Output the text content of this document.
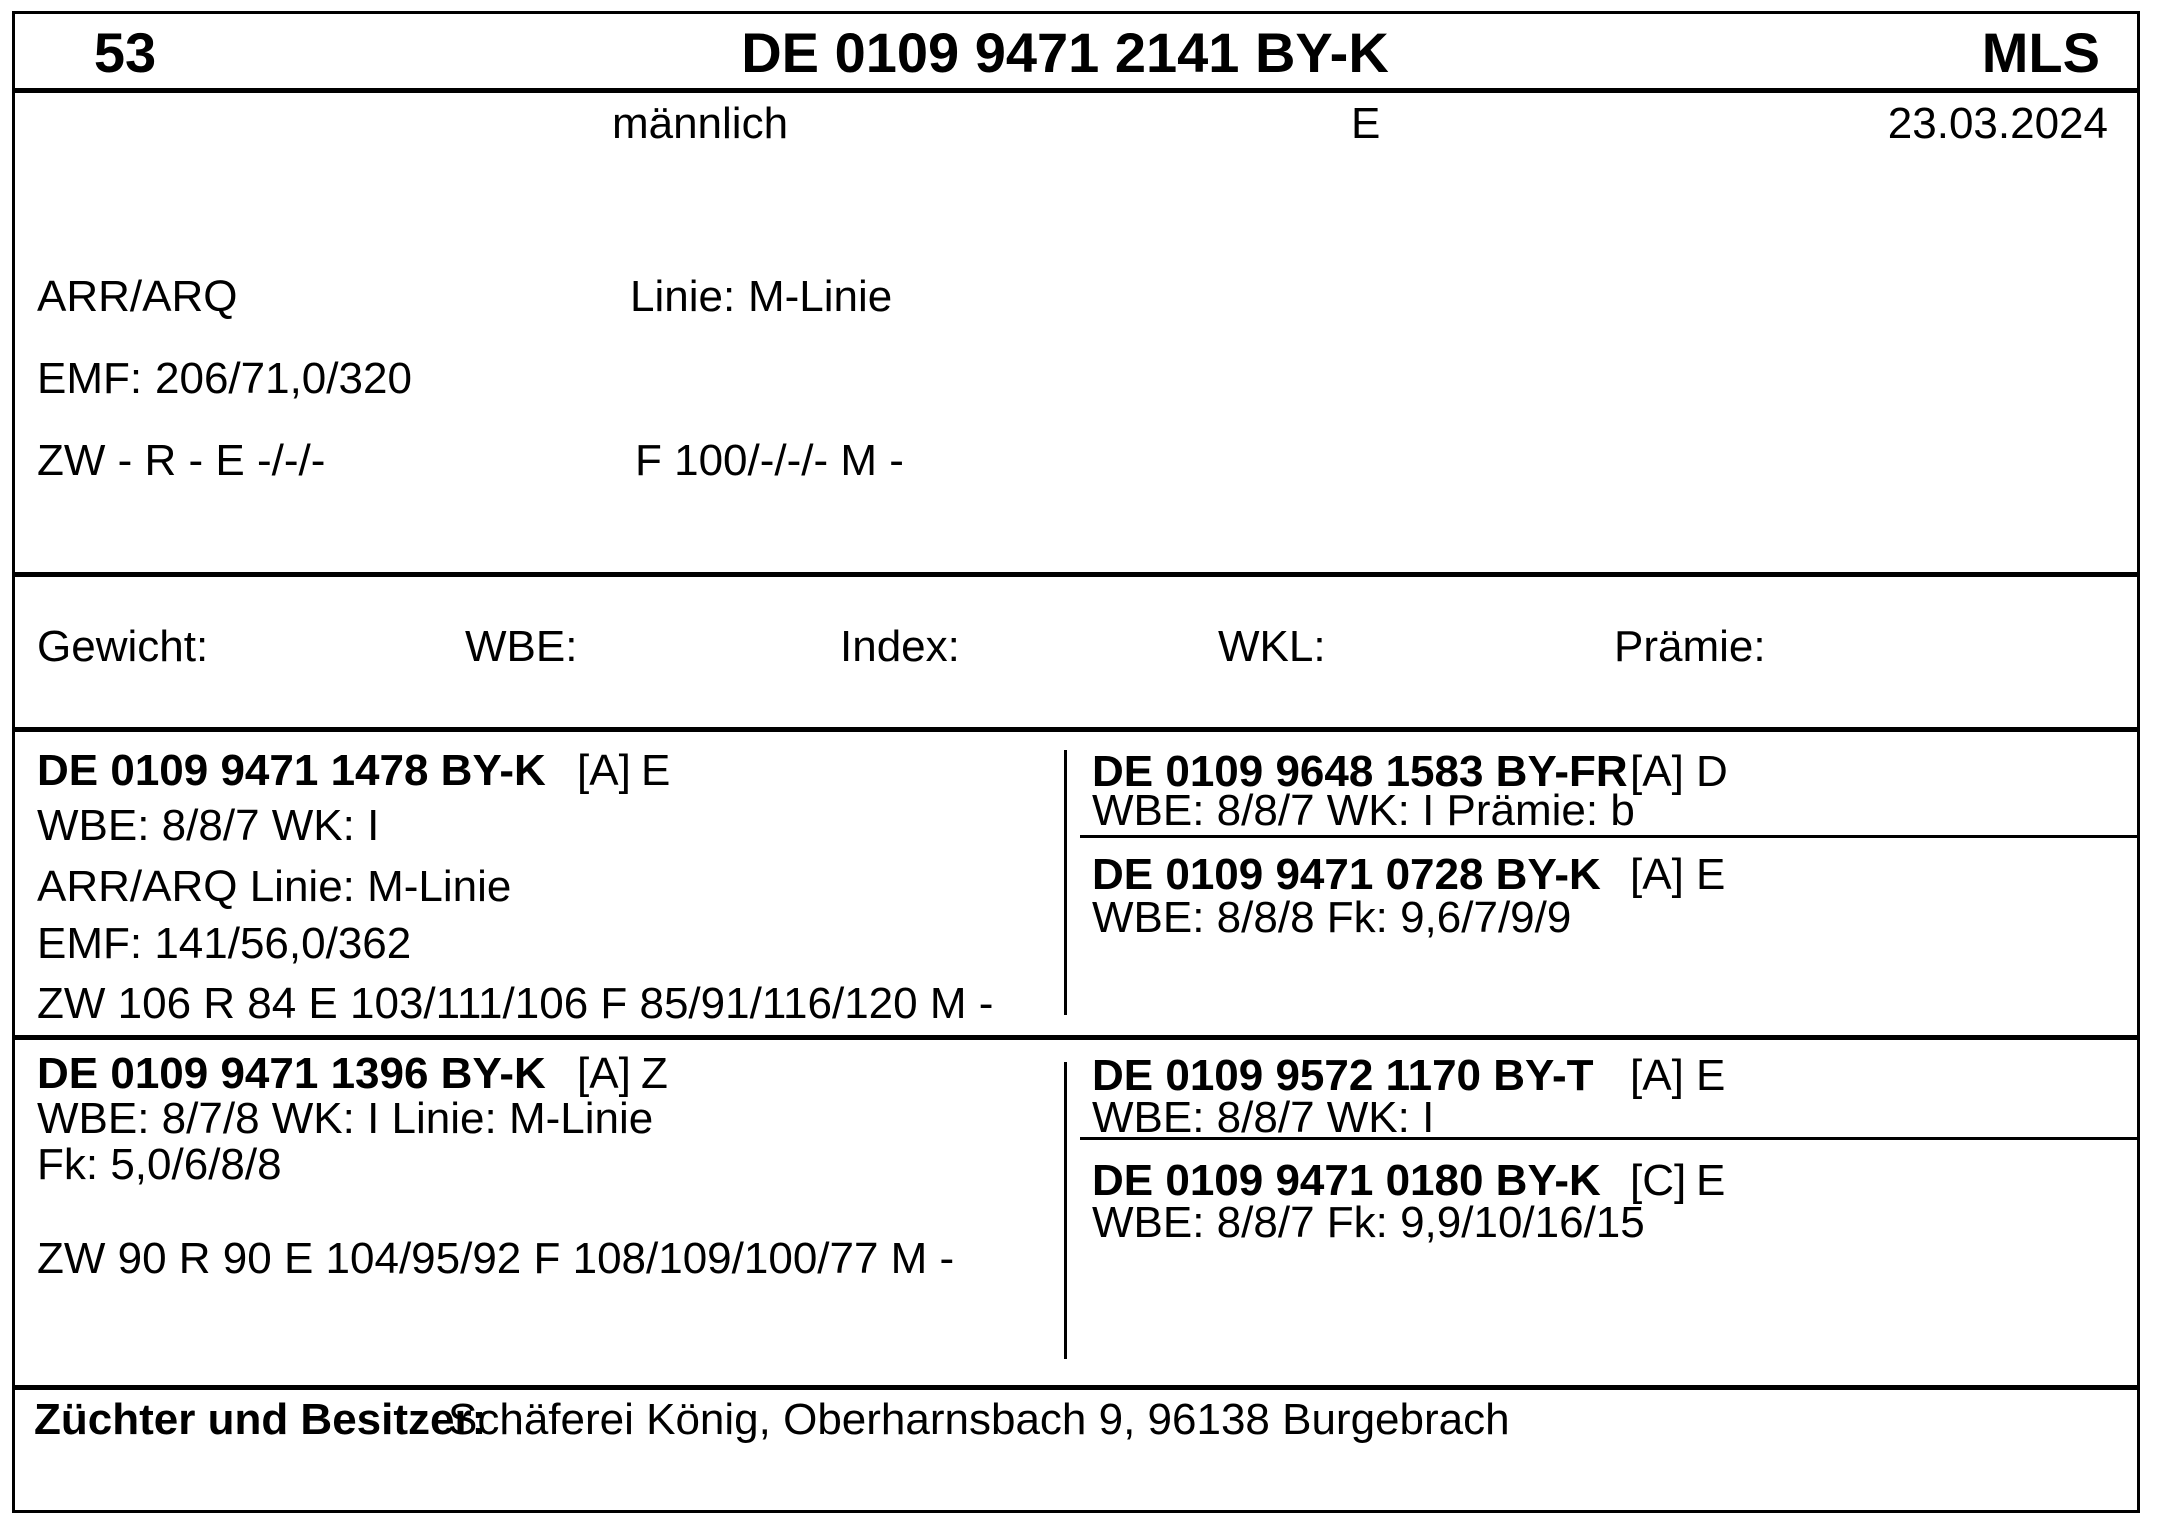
53	DE 0109 9471 2141 BY-K	MLS
männlich	E	23.03.2024
ARR/ARQ	Linie: M-Linie
EMF: 206/71,0/320
ZW - R - E -/-/-	F 100/-/-/- M -
Gewicht:	WBE:	Index:	WKL:	Prämie:
DE 0109 9471 1478 BY-K [A] E
WBE: 8/8/7 WK: I
ARR/ARQ Linie: M-Linie
EMF: 141/56,0/362
ZW 106 R 84 E 103/111/106 F 85/91/116/120 M -
DE 0109 9648 1583 BY-FR [A] D
WBE: 8/8/7 WK: I Prämie: b
DE 0109 9471 0728 BY-K [A] E
WBE: 8/8/8 Fk: 9,6/7/9/9
DE 0109 9471 1396 BY-K [A] Z
WBE: 8/7/8 WK: I Linie: M-Linie
Fk: 5,0/6/8/8
ZW 90 R 90 E 104/95/92 F 108/109/100/77 M -
DE 0109 9572 1170 BY-T [A] E
WBE: 8/8/7 WK: I
DE 0109 9471 0180 BY-K [C] E
WBE: 8/8/7 Fk: 9,9/10/16/15
Züchter und Besitzer:
Schäferei König, Oberharnsbach 9, 96138 Burgebrach
